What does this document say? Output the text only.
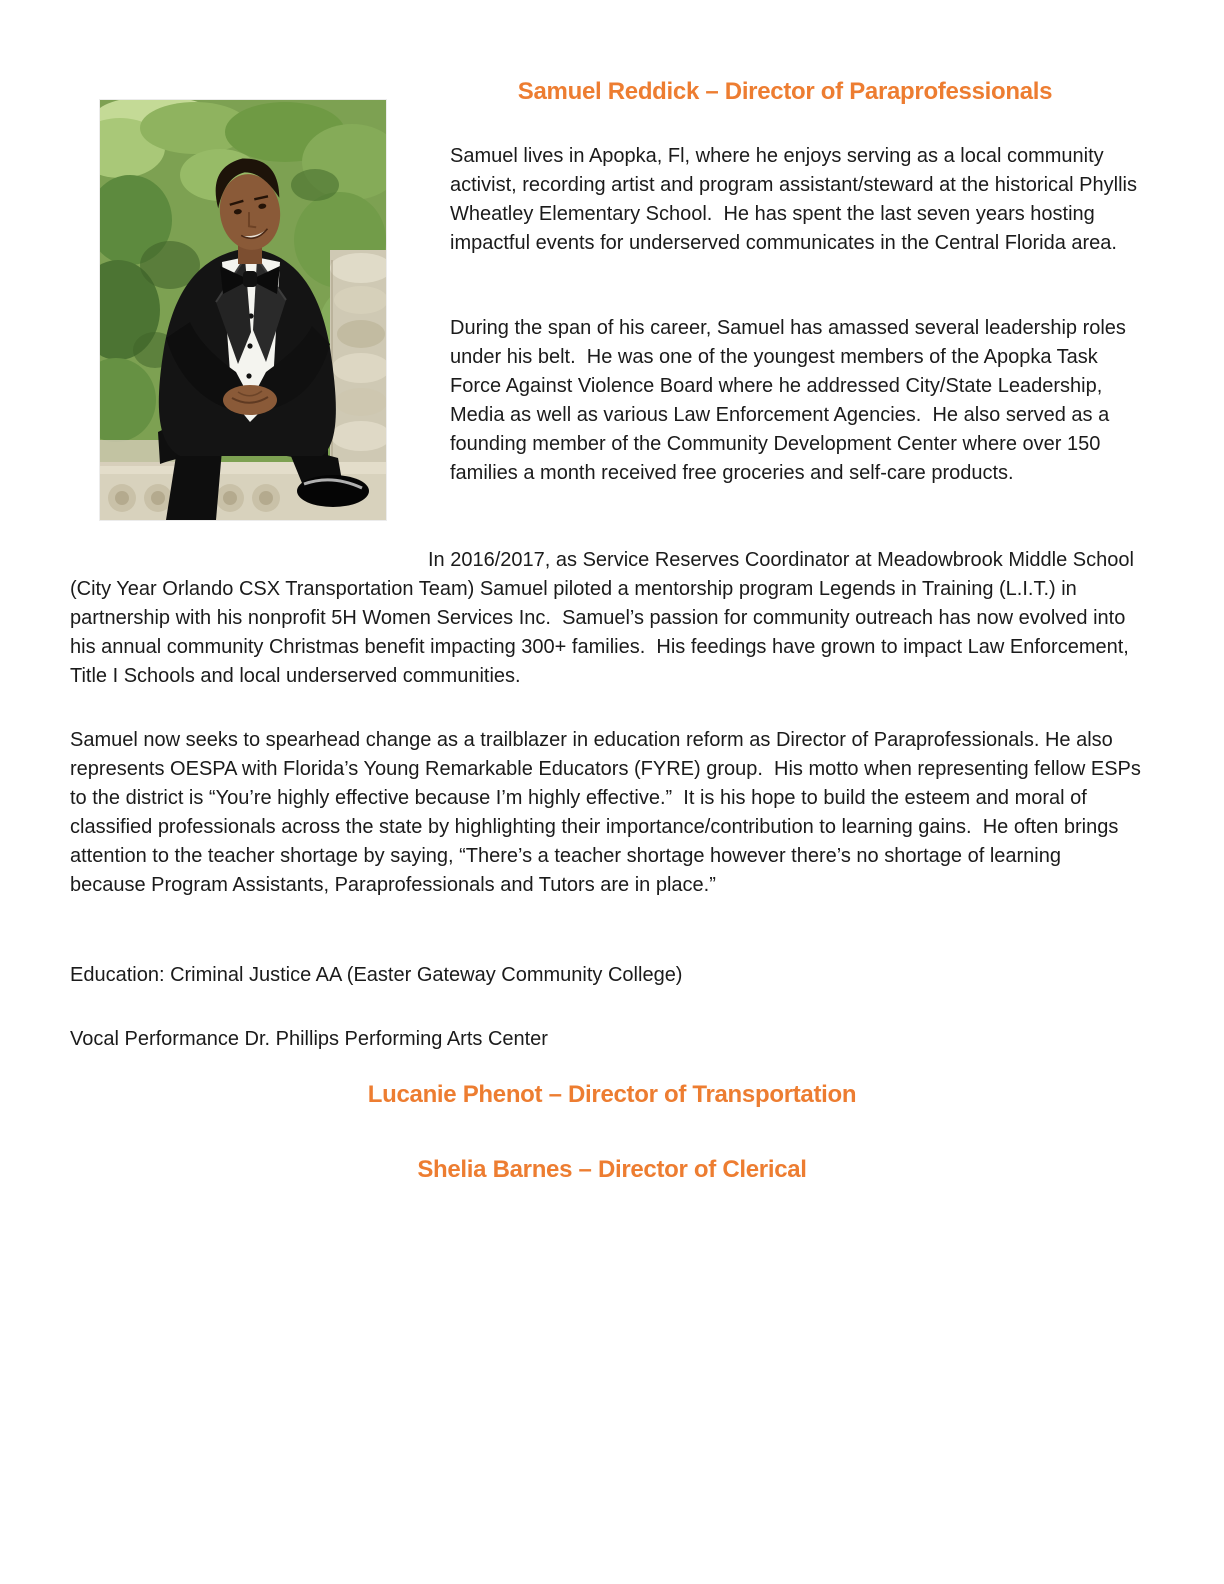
Samuel Reddick – Director of Paraprofessionals
Samuel lives in Apopka, Fl, where he enjoys serving as a local community activist, recording artist and program assistant/steward at the historical Phyllis Wheatley Elementary School.  He has spent the last seven years hosting impactful events for underserved communicates in the Central Florida area.
During the span of his career, Samuel has amassed several leadership roles under his belt.  He was one of the youngest members of the Apopka Task Force Against Violence Board where he addressed City/State Leadership, Media as well as various Law Enforcement Agencies.  He also served as a founding member of the Community Development Center where over 150 families a month received free groceries and self-care products.
In 2016/2017, as Service Reserves Coordinator at Meadowbrook Middle School (City Year Orlando CSX Transportation Team) Samuel piloted a mentorship program Legends in Training (L.I.T.) in partnership with his nonprofit 5H Women Services Inc.  Samuel’s passion for community outreach has now evolved into his annual community Christmas benefit impacting 300+ families.  His feedings have grown to impact Law Enforcement, Title I Schools and local underserved communities.
Samuel now seeks to spearhead change as a trailblazer in education reform as Director of Paraprofessionals. He also represents OESPA with Florida’s Young Remarkable Educators (FYRE) group.  His motto when representing fellow ESPs to the district is “You’re highly effective because I’m highly effective.”  It is his hope to build the esteem and moral of classified professionals across the state by highlighting their importance/contribution to learning gains.  He often brings attention to the teacher shortage by saying, “There’s a teacher shortage however there’s no shortage of learning because Program Assistants, Paraprofessionals and Tutors are in place.”
Education: Criminal Justice AA (Easter Gateway Community College)
Vocal Performance Dr. Phillips Performing Arts Center
Lucanie Phenot – Director of Transportation
Shelia Barnes – Director of Clerical
